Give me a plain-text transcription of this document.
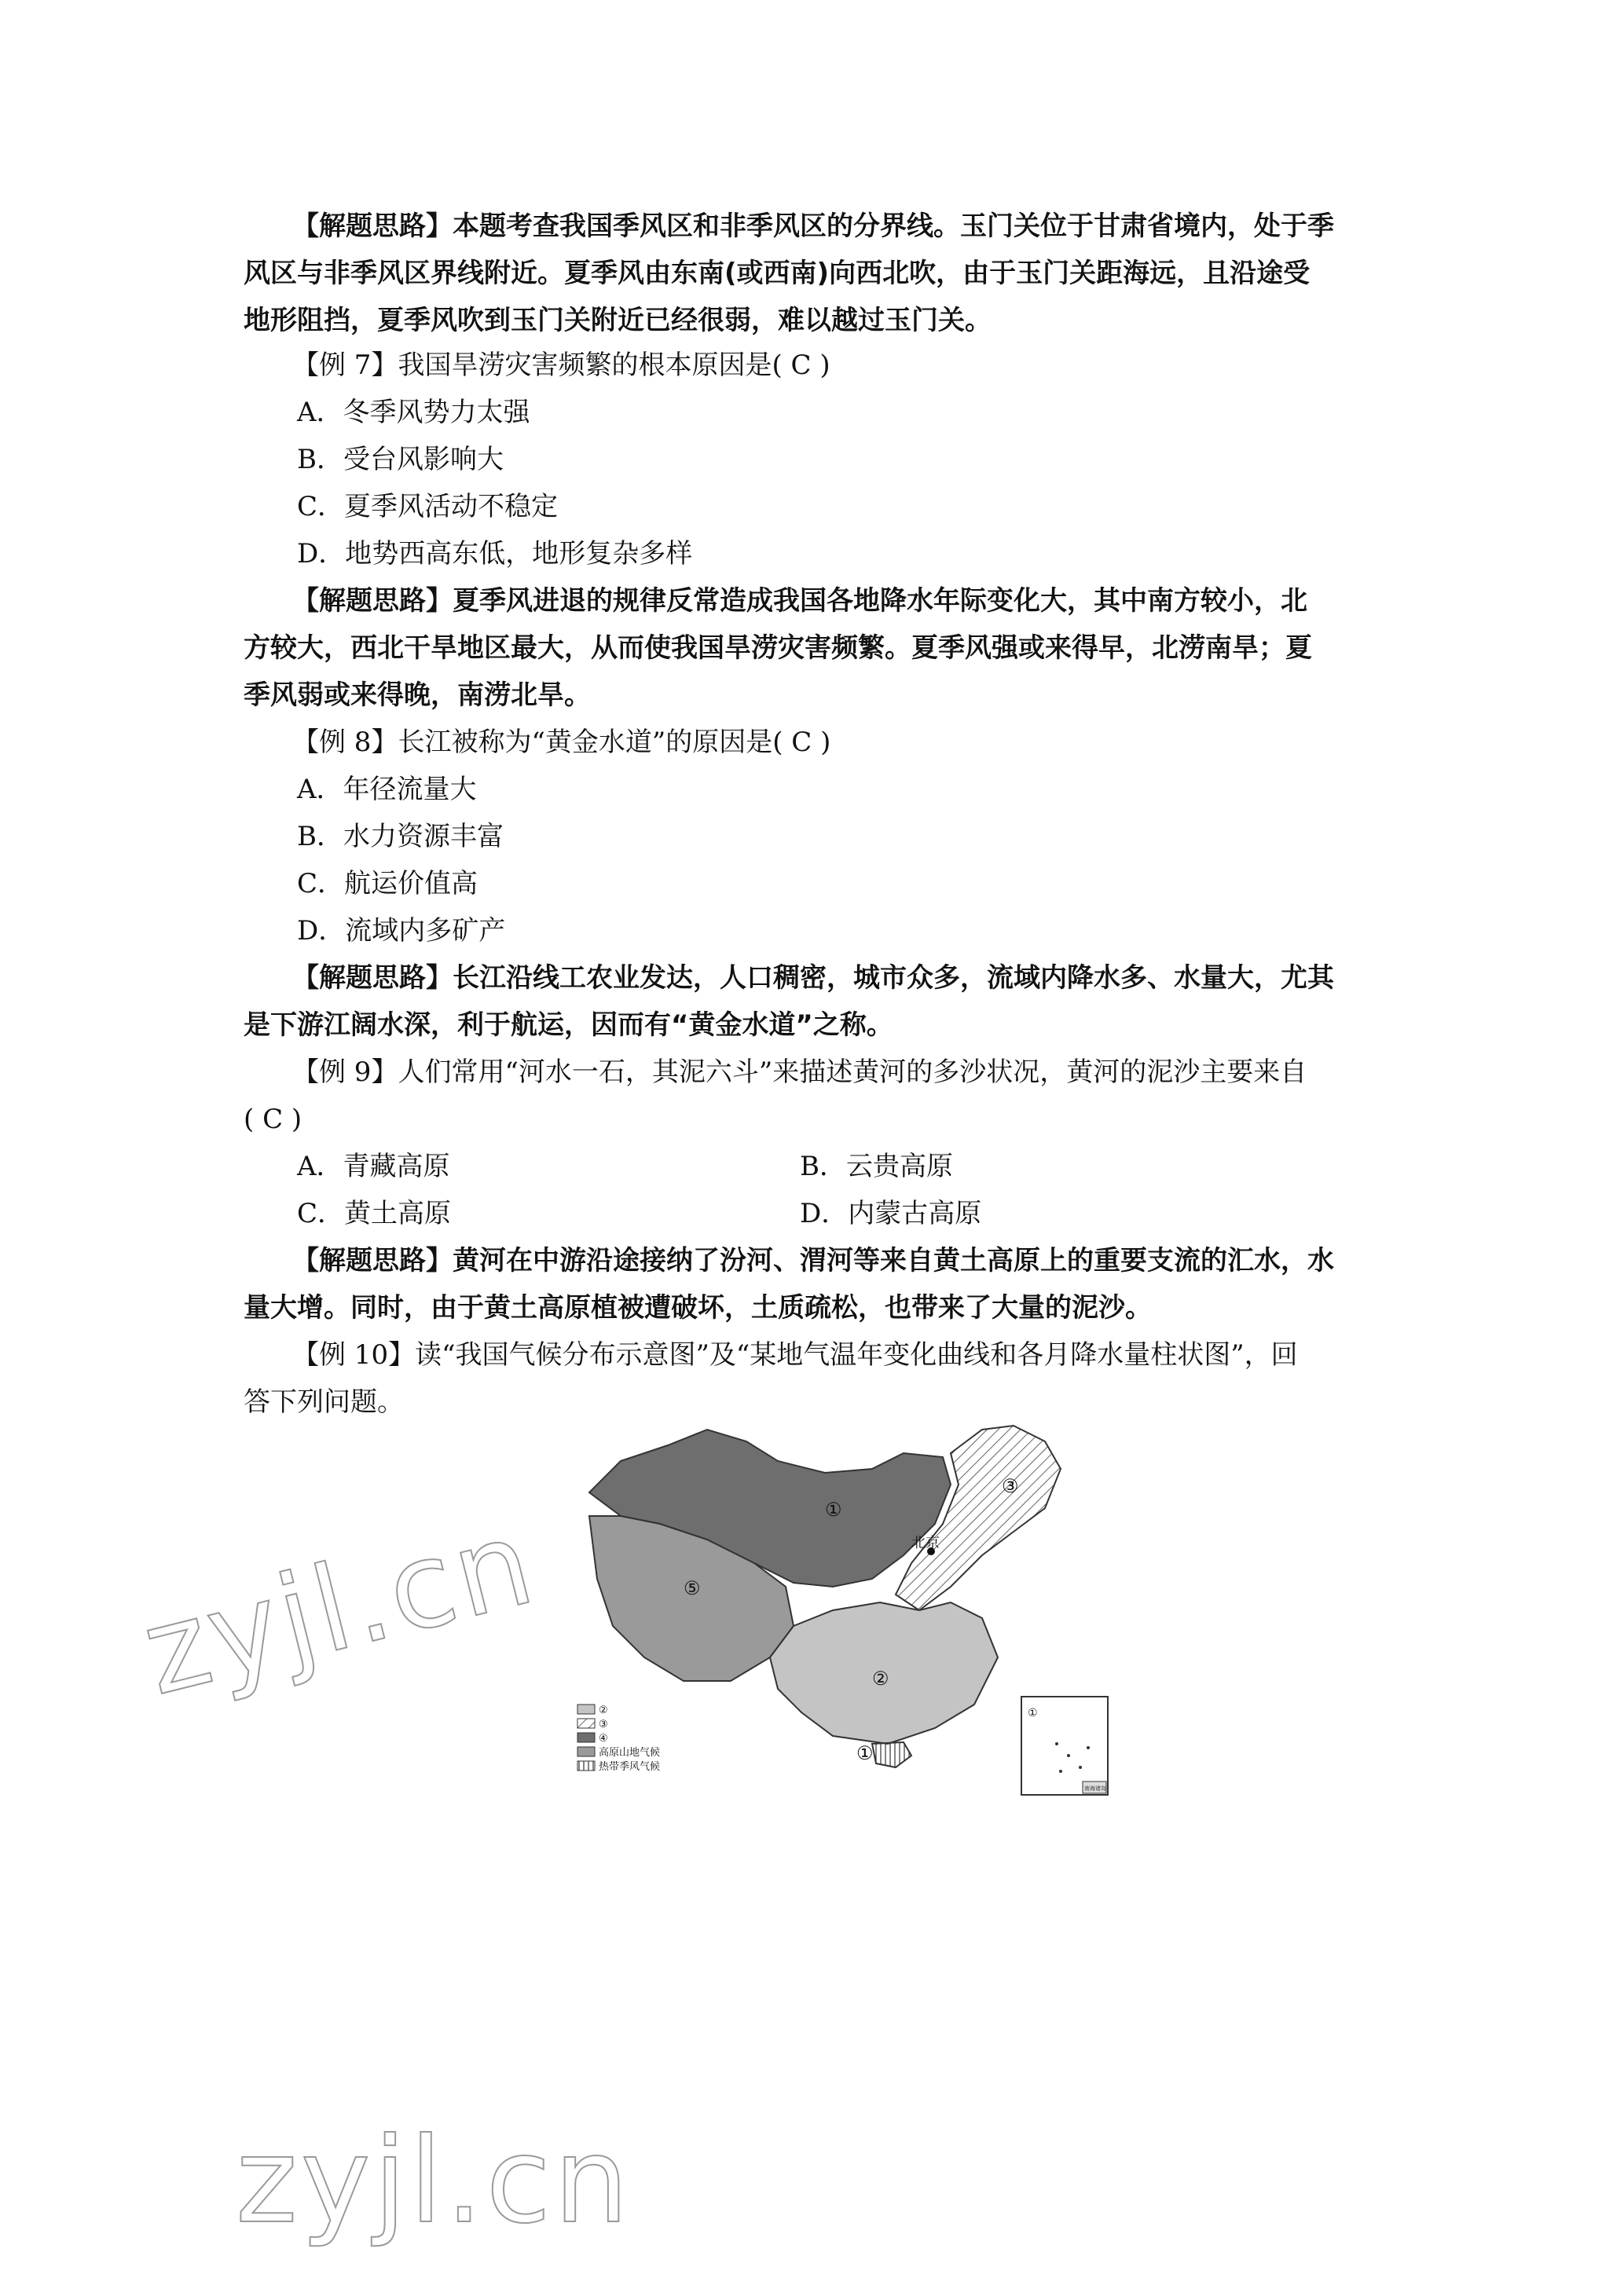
【解题思路】本题考查我国季风区和非季风区的分界线。玉门关位于甘肃省境内，处于季
风区与非季风区界线附近。夏季风由东南(或西南)向西北吹，由于玉门关距海远，且沿途受
地形阻挡，夏季风吹到玉门关附近已经很弱，难以越过玉门关。
【例 7】我国旱涝灾害频繁的根本原因是( C )
A．冬季风势力太强
B．受台风影响大
C．夏季风活动不稳定
D．地势西高东低，地形复杂多样
【解题思路】夏季风进退的规律反常造成我国各地降水年际变化大，其中南方较小，北
方较大，西北干旱地区最大，从而使我国旱涝灾害频繁。夏季风强或来得早，北涝南旱；夏
季风弱或来得晚，南涝北旱。
【例 8】长江被称为“黄金水道”的原因是( C )
A．年径流量大
B．水力资源丰富
C．航运价值高
D．流域内多矿产
【解题思路】长江沿线工农业发达，人口稠密，城市众多，流域内降水多、水量大，尤其
是下游江阔水深，利于航运，因而有“黄金水道”之称。
【例 9】人们常用“河水一石，其泥六斗”来描述黄河的多沙状况，黄河的泥沙主要来自
( C )
A．青藏高原	B．云贵高原
C．黄土高原	D．内蒙古高原
【解题思路】黄河在中游沿途接纳了汾河、渭河等来自黄土高原上的重要支流的汇水，水
量大增。同时，由于黄土高原植被遭破坏，土质疏松，也带来了大量的泥沙。
【例 10】读“我国气候分布示意图”及“某地气温年变化曲线和各月降水量柱状图”，回
答下列问题。
①
②
③
⑤
①
北京
②
③
④
高原山地气候
热带季风气候
①
南海诸岛
zyjl.cn
zyjl.cn
